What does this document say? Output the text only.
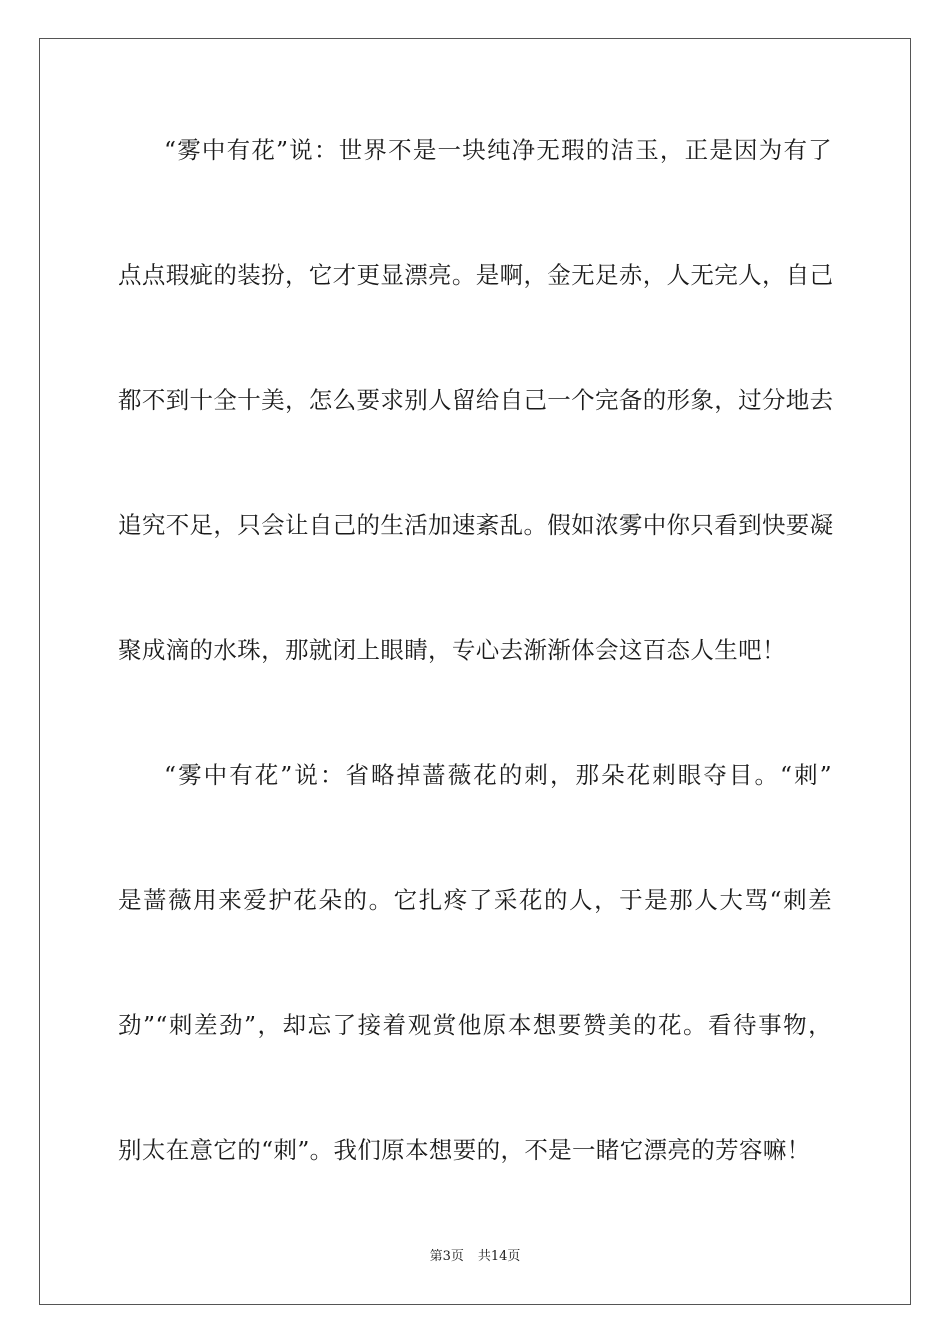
“雾中有花”说：世界不是一块纯净无瑕的洁玉，正是因为有了
点点瑕疵的装扮，它才更显漂亮。是啊，金无足赤，人无完人，自己
都不到十全十美，怎么要求别人留给自己一个完备的形象，过分地去
追究不足，只会让自己的生活加速紊乱。假如浓雾中你只看到快要凝
聚成滴的水珠，那就闭上眼睛，专心去渐渐体会这百态人生吧！
“雾中有花”说：省略掉蔷薇花的刺，那朵花刺眼夺目。“刺”
是蔷薇用来爱护花朵的。它扎疼了采花的人，于是那人大骂“刺差
劲”“刺差劲”，却忘了接着观赏他原本想要赞美的花。看待事物，
别太在意它的“刺”。我们原本想要的，不是一睹它漂亮的芳容嘛！
第3页 共14页
